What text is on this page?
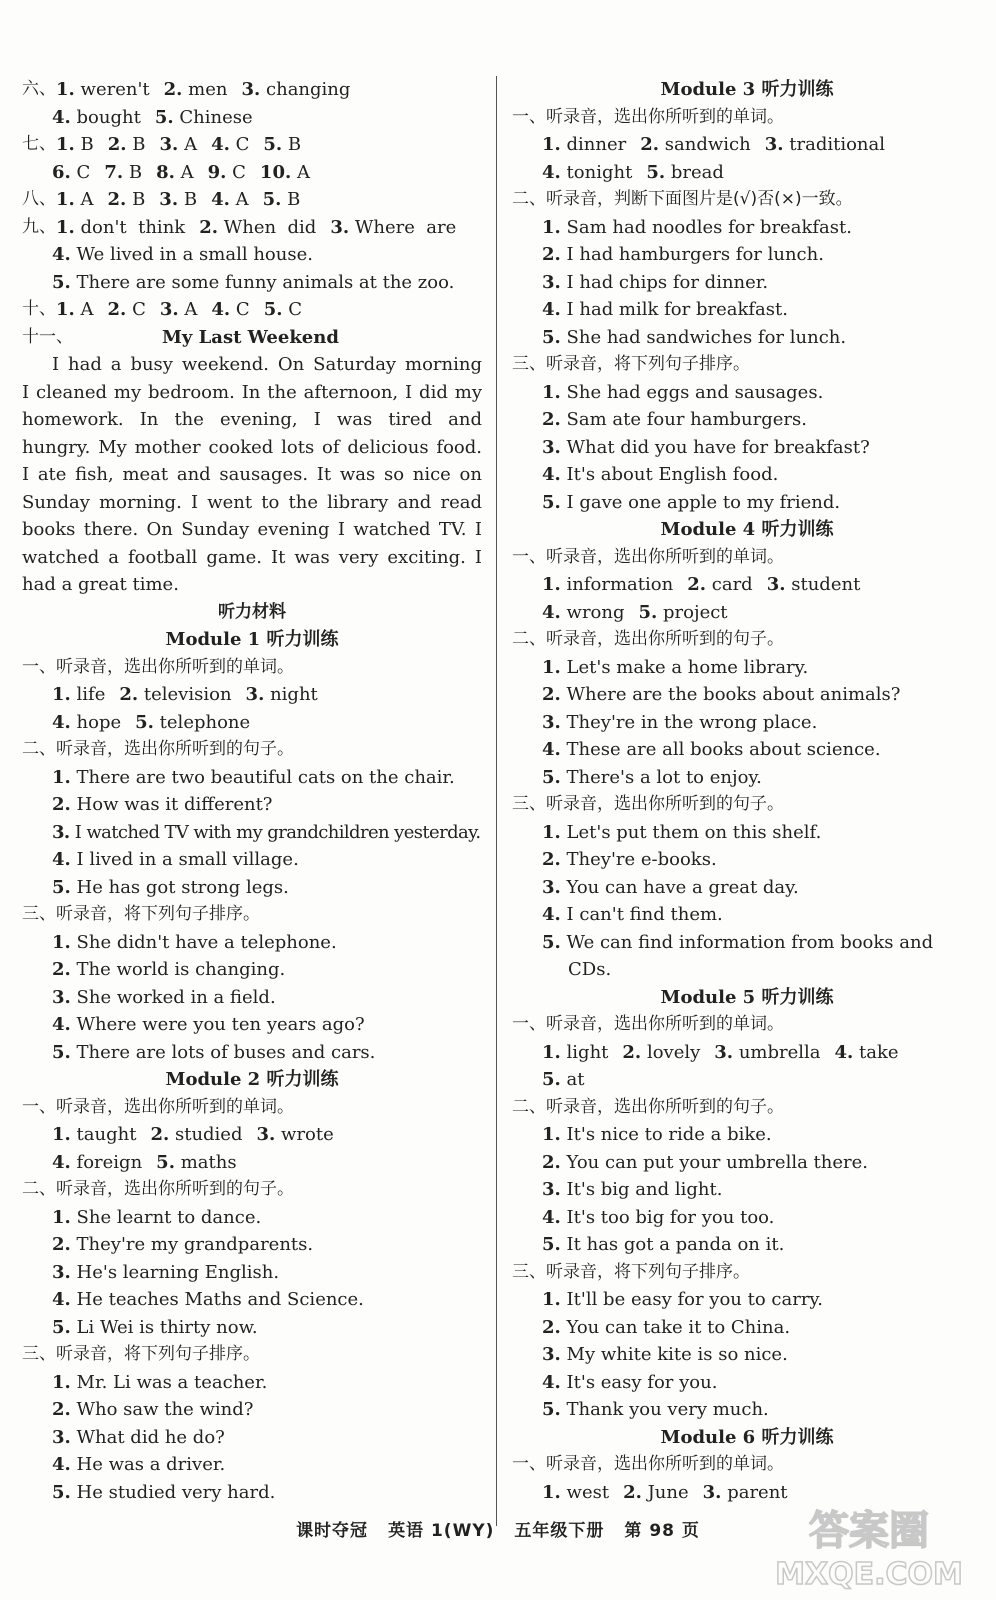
六、 1. weren't 2. men 3. changing
4. bought 5. Chinese
七、 1. B 2. B 3. A 4. C 5. B
6. C 7. B 8. A 9. C 10. A
八、 1. A 2. B 3. B 4. A 5. B
九、 1. don't  think 2. When  did 3. Where  are
4. We lived in a small house.
5. There are some funny animals at the zoo.
十、 1. A 2. C 3. A 4. C 5. C
十一、	My Last Weekend
I had a busy weekend. On Saturday morning
I cleaned my bedroom. In the afternoon, I did my
homework. In the evening, I was tired and
hungry. My mother cooked lots of delicious food.
I ate fish, meat and sausages. It was so nice on
Sunday morning. I went to the library and read
books there. On Sunday evening I watched TV. I
watched a football game. It was very exciting. I
had a great time.
听力材料
Module 1 听力训练
一、听录音，选出你所听到的单词。
1. life 2. television 3. night
4. hope 5. telephone
二、听录音，选出你所听到的句子。
1. There are two beautiful cats on the chair.
2. How was it different?
3. I watched TV with my grandchildren yesterday.
4. I lived in a small village.
5. He has got strong legs.
三、听录音，将下列句子排序。
1. She didn't have a telephone.
2. The world is changing.
3. She worked in a field.
4. Where were you ten years ago?
5. There are lots of buses and cars.
Module 2 听力训练
一、听录音，选出你所听到的单词。
1. taught 2. studied 3. wrote
4. foreign 5. maths
二、听录音，选出你所听到的句子。
1. She learnt to dance.
2. They're my grandparents.
3. He's learning English.
4. He teaches Maths and Science.
5. Li Wei is thirty now.
三、听录音，将下列句子排序。
1. Mr. Li was a teacher.
2. Who saw the wind?
3. What did he do?
4. He was a driver.
5. He studied very hard.
Module 3 听力训练
一、听录音，选出你所听到的单词。
1. dinner 2. sandwich 3. traditional
4. tonight 5. bread
二、听录音，判断下面图片是(√)否(×)一致。
1. Sam had noodles for breakfast.
2. I had hamburgers for lunch.
3. I had chips for dinner.
4. I had milk for breakfast.
5. She had sandwiches for lunch.
三、听录音，将下列句子排序。
1. She had eggs and sausages.
2. Sam ate four hamburgers.
3. What did you have for breakfast?
4. It's about English food.
5. I gave one apple to my friend.
Module 4 听力训练
一、听录音，选出你所听到的单词。
1. information 2. card 3. student
4. wrong 5. project
二、听录音，选出你所听到的句子。
1. Let's make a home library.
2. Where are the books about animals?
3. They're in the wrong place.
4. These are all books about science.
5. There's a lot to enjoy.
三、听录音，选出你所听到的句子。
1. Let's put them on this shelf.
2. They're e-books.
3. You can have a great day.
4. I can't find them.
5. We can find information from books and
CDs.
Module 5 听力训练
一、听录音，选出你所听到的单词。
1. light 2. lovely 3. umbrella 4. take
5. at
二、听录音，选出你所听到的句子。
1. It's nice to ride a bike.
2. You can put your umbrella there.
3. It's big and light.
4. It's too big for you too.
5. It has got a panda on it.
三、听录音，将下列句子排序。
1. It'll be easy for you to carry.
2. You can take it to China.
3. My white kite is so nice.
4. It's easy for you.
5. Thank you very much.
Module 6 听力训练
一、听录音，选出你所听到的单词。
1. west 2. June 3. parent
课时夺冠 英语 1(WY) 五年级下册 第 98 页	答案圈
MXQE.COM
